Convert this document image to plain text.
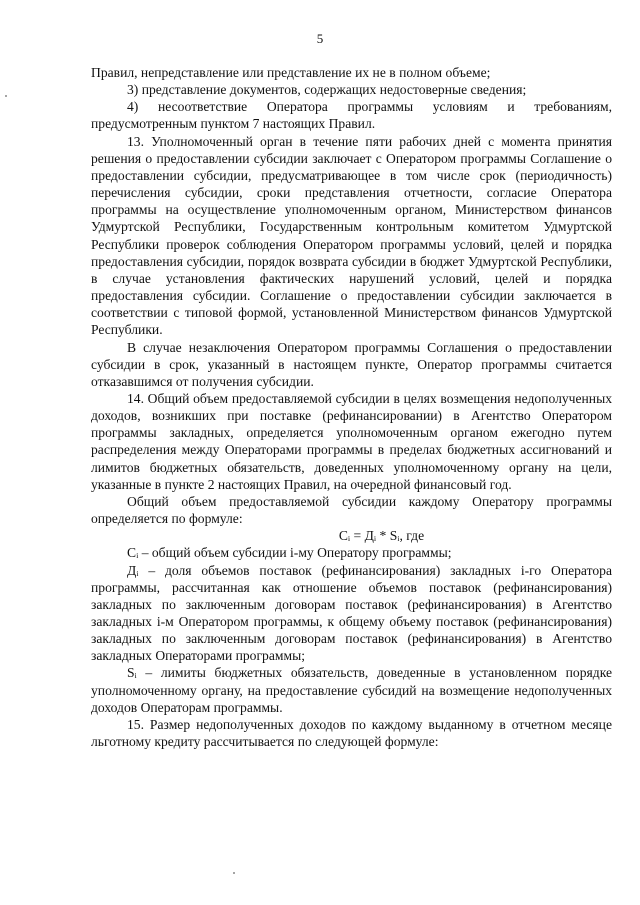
5

Правил, непредставление или представление их не в полном объеме;

3) представление документов, содержащих недостоверные сведения;

4) несоответствие Оператора программы условиям и требованиям, предусмотренным пунктом 7 настоящих Правил.

13. Уполномоченный орган в течение пяти рабочих дней с момента принятия решения о предоставлении субсидии заключает с Оператором программы Соглашение о предоставлении субсидии, предусматривающее в том числе срок (периодичность) перечисления субсидии, сроки представления отчетности, согласие Оператора программы на осуществление уполномоченным органом, Министерством финансов Удмуртской Республики, Государственным контрольным комитетом Удмуртской Республики проверок соблюдения Оператором программы условий, целей и порядка предоставления субсидии, порядок возврата субсидии в бюджет Удмуртской Республики, в случае установления фактических нарушений условий, целей и порядка предоставления субсидии. Соглашение о предоставлении субсидии заключается в соответствии с типовой формой, установленной Министерством финансов Удмуртской Республики.

В случае незаключения Оператором программы Соглашения о предоставлении субсидии в срок, указанный в настоящем пункте, Оператор программы считается отказавшимся от получения субсидии.

14. Общий объем предоставляемой субсидии в целях возмещения недополученных доходов, возникших при поставке (рефинансировании) в Агентство Оператором программы закладных, определяется уполномоченным органом ежегодно путем распределения между Операторами программы в пределах бюджетных ассигнований и лимитов бюджетных обязательств, доведенных уполномоченному органу на цели, указанные в пункте 2 настоящих Правил, на очередной финансовый год.

Общий объем предоставляемой субсидии каждому Оператору программы определяется по формуле:

Cᵢ = Дᵢ * Sᵢ, где

Cᵢ – общий объем субсидии i-му Оператору программы;

Дᵢ – доля объемов поставок (рефинансирования) закладных i-го Оператора программы, рассчитанная как отношение объемов поставок (рефинансирования) закладных по заключенным договорам поставок (рефинансирования) в Агентство закладных i-м Оператором программы, к общему объему поставок (рефинансирования) закладных по заключенным договорам поставок (рефинансирования) в Агентство закладных Операторами программы;

Sᵢ – лимиты бюджетных обязательств, доведенные в установленном порядке уполномоченному органу, на предоставление субсидий на возмещение недополученных доходов Операторам программы.

15. Размер недополученных доходов по каждому выданному в отчетном месяце льготному кредиту рассчитывается по следующей формуле:
